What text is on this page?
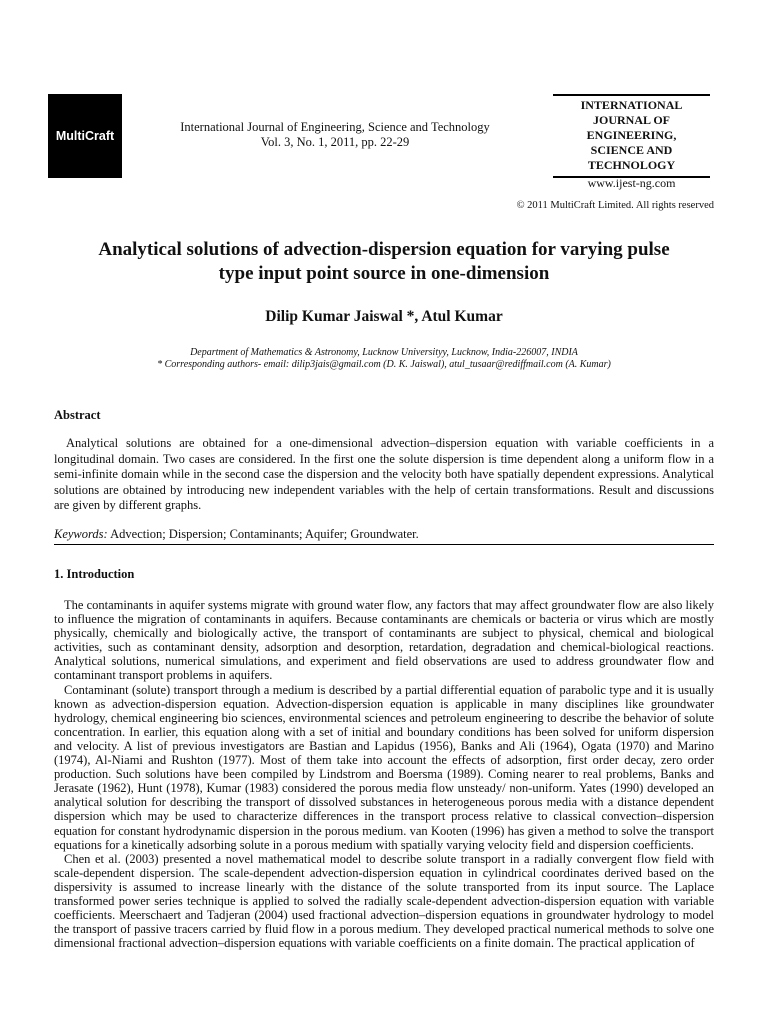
MultiCraft
International Journal of Engineering, Science and Technology
Vol. 3, No. 1, 2011, pp. 22-29
INTERNATIONAL
JOURNAL OF
ENGINEERING,
SCIENCE AND
TECHNOLOGY
www.ijest-ng.com
© 2011 MultiCraft Limited. All rights reserved
Analytical solutions of advection-dispersion equation for varying pulse
type input point source in one-dimension
Dilip Kumar Jaiswal *, Atul Kumar
Department of Mathematics & Astronomy, Lucknow Universityy, Lucknow, India-226007, INDIA
* Corresponding authors- email: dilip3jais@gmail.com (D. K. Jaiswal), atul_tusaar@rediffmail.com (A. Kumar)
Abstract
Analytical solutions are obtained for a one-dimensional advection–dispersion equation with variable coefficients in a longitudinal domain. Two cases are considered. In the first one the solute dispersion is time dependent along a uniform flow in a semi-infinite domain while in the second case the dispersion and the velocity both have spatially dependent expressions. Analytical solutions are obtained by introducing new independent variables with the help of certain transformations. Result and discussions are given by different graphs.
Keywords: Advection; Dispersion; Contaminants; Aquifer; Groundwater.
1. Introduction

The contaminants in aquifer systems migrate with ground water flow, any factors that may affect groundwater flow are also likely to influence the migration of contaminants in aquifers. Because contaminants are chemicals or bacteria or virus which are mostly physically, chemically and biologically active, the transport of contaminants are subject to physical, chemical and biological activities, such as contaminant density, adsorption and desorption, retardation, degradation and chemical-biological reactions. Analytical solutions, numerical simulations, and experiment and field observations are used to address groundwater flow and contaminant transport problems in aquifers.

Contaminant (solute) transport through a medium is described by a partial differential equation of parabolic type and it is usually known as advection-dispersion equation. Advection-dispersion equation is applicable in many disciplines like groundwater hydrology, chemical engineering bio sciences, environmental sciences and petroleum engineering to describe the behavior of solute concentration. In earlier, this equation along with a set of initial and boundary conditions has been solved for uniform dispersion and velocity. A list of previous investigators are Bastian and Lapidus (1956), Banks and Ali (1964), Ogata (1970) and Marino (1974), Al-Niami and Rushton (1977). Most of them take into account the effects of adsorption, first order decay, zero order production. Such solutions have been compiled by Lindstrom and Boersma (1989). Coming nearer to real problems, Banks and Jerasate (1962), Hunt (1978), Kumar (1983) considered the porous media flow unsteady/ non-uniform. Yates (1990) developed an analytical solution for describing the transport of dissolved substances in heterogeneous porous media with a distance dependent dispersion which may be used to characterize differences in the transport process relative to classical convection–dispersion equation for constant hydrodynamic dispersion in the porous medium. van Kooten (1996) has given a method to solve the transport equations for a kinetically adsorbing solute in a porous medium with spatially varying velocity field and dispersion coefficients.

Chen et al. (2003) presented a novel mathematical model to describe solute transport in a radially convergent flow field with scale-dependent dispersion. The scale-dependent advection-dispersion equation in cylindrical coordinates derived based on the dispersivity is assumed to increase linearly with the distance of the solute transported from its input source. The Laplace transformed power series technique is applied to solved the radially scale-dependent advection-dispersion equation with variable coefficients. Meerschaert and Tadjeran (2004) used fractional advection–dispersion equations in groundwater hydrology to model the transport of passive tracers carried by fluid flow in a porous medium. They developed practical numerical methods to solve one dimensional fractional advection–dispersion equations with variable coefficients on a finite domain. The practical application of
